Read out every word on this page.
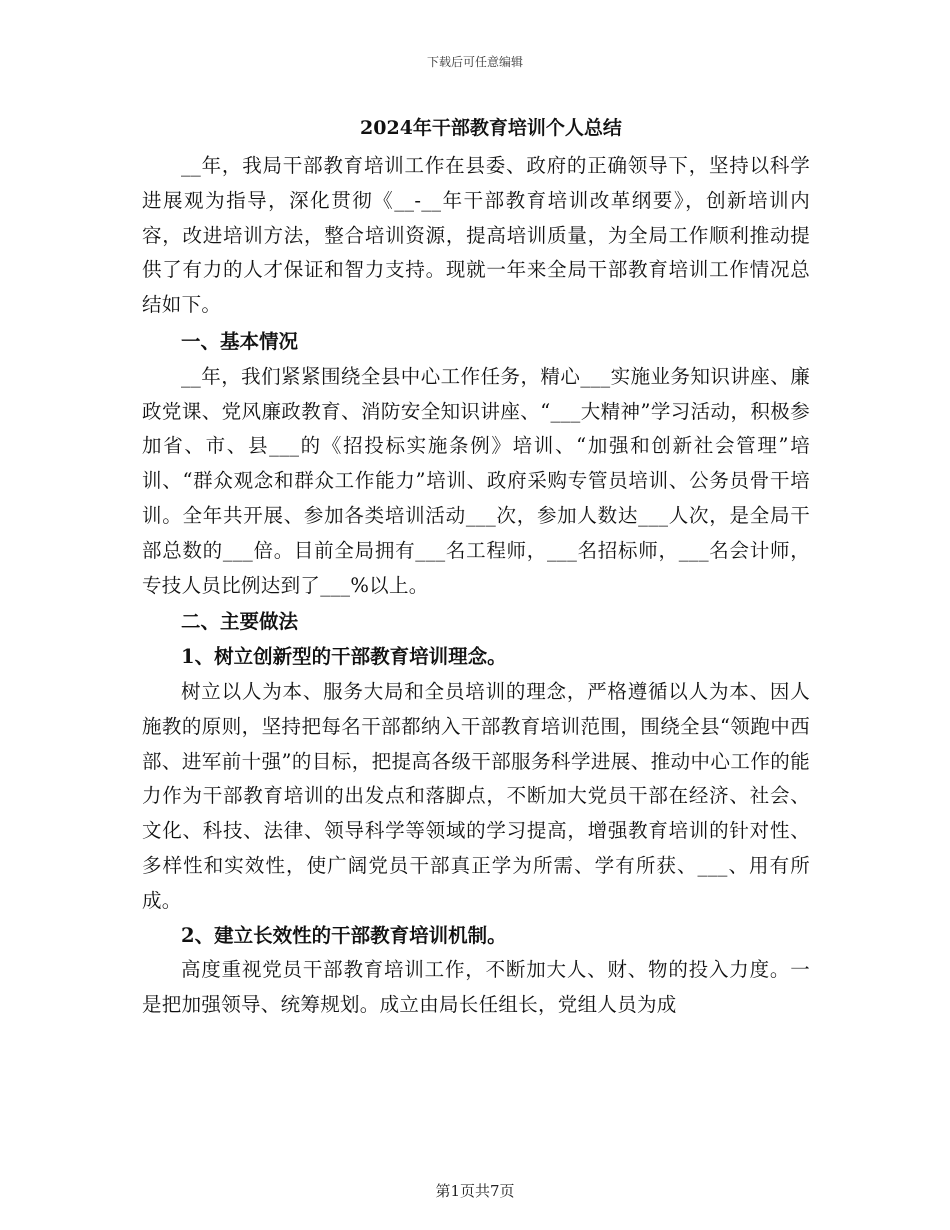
下载后可任意编辑
2024年干部教育培训个人总结

__年，我局干部教育培训工作在县委、政府的正确领导下，坚持以科学进展观为指导，深化贯彻《__-__年干部教育培训改革纲要》，创新培训内容，改进培训方法，整合培训资源，提高培训质量，为全局工作顺利推动提供了有力的人才保证和智力支持。现就一年来全局干部教育培训工作情况总结如下。

一、基本情况

__年，我们紧紧围绕全县中心工作任务，精心___实施业务知识讲座、廉政党课、党风廉政教育、消防安全知识讲座、“___大精神”学习活动，积极参加省、市、县___的《招投标实施条例》培训、“加强和创新社会管理”培训、“群众观念和群众工作能力”培训、政府采购专管员培训、公务员骨干培训。全年共开展、参加各类培训活动___次，参加人数达___人次，是全局干部总数的___倍。目前全局拥有___名工程师，___名招标师，___名会计师，专技人员比例达到了___%以上。

二、主要做法
1、树立创新型的干部教育培训理念。

树立以人为本、服务大局和全员培训的理念，严格遵循以人为本、因人施教的原则，坚持把每名干部都纳入干部教育培训范围，围绕全县“领跑中西部、进军前十强”的目标，把提高各级干部服务科学进展、推动中心工作的能力作为干部教育培训的出发点和落脚点，不断加大党员干部在经济、社会、文化、科技、法律、领导科学等领域的学习提高，增强教育培训的针对性、多样性和实效性，使广阔党员干部真正学为所需、学有所获、___、用有所成。

2、建立长效性的干部教育培训机制。

高度重视党员干部教育培训工作，不断加大人、财、物的投入力度。一是把加强领导、统筹规划。成立由局长任组长，党组人员为成

第1页共7页
